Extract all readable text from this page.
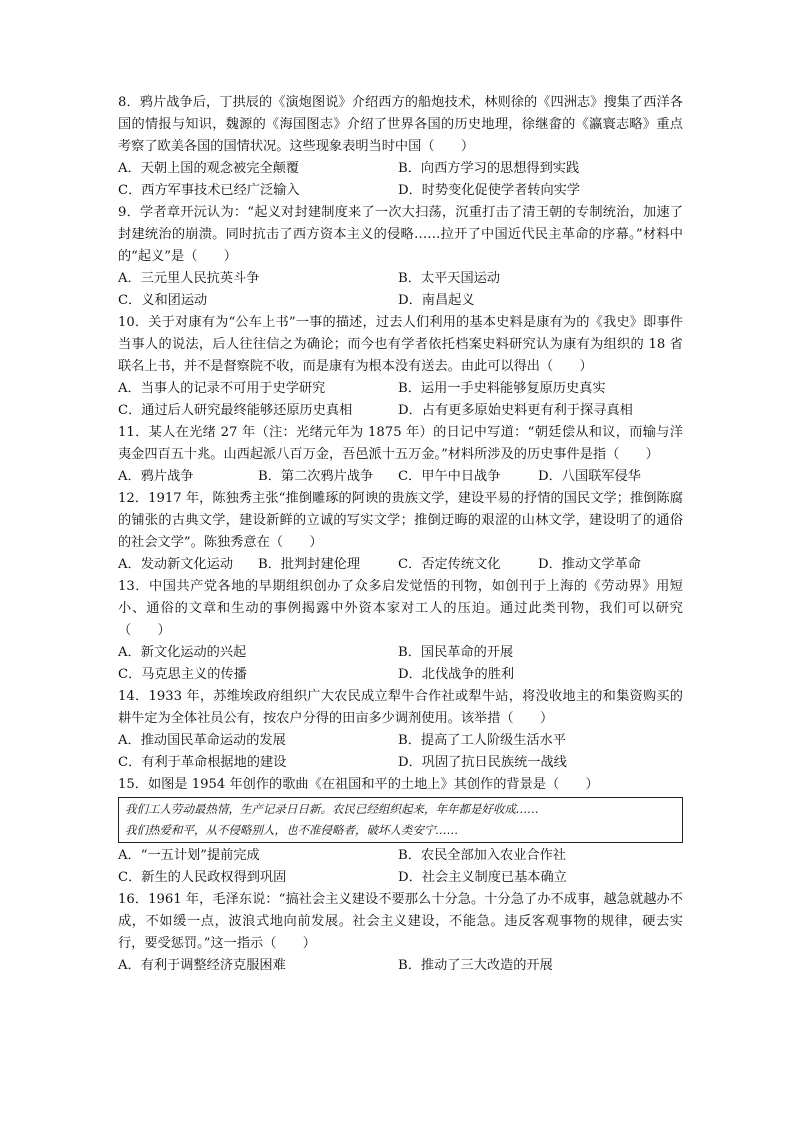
8．鸦片战争后，丁拱辰的《演炮图说》介绍西方的船炮技术，林则徐的《四洲志》搜集了西洋各国的情报与知识，魏源的《海国图志》介绍了世界各国的历史地理，徐继畲的《瀛寰志略》重点考察了欧美各国的国情状况。这些现象表明当时中国（　　）

A．天朝上国的观念被完全颠覆	B．向西方学习的思想得到实践
C．西方军事技术已经广泛输入	D．时势变化促使学者转向实学

9．学者章开沅认为：“起义对封建制度来了一次大扫荡，沉重打击了清王朝的专制统治，加速了封建统治的崩溃。同时抗击了西方资本主义的侵略……拉开了中国近代民主革命的序幕。”材料中的“起义”是（　　）

A．三元里人民抗英斗争	B．太平天国运动
C．义和团运动	D．南昌起义

10．关于对康有为“公车上书”一事的描述，过去人们利用的基本史料是康有为的《我史》即事件当事人的说法，后人往往信之为确论；而今也有学者依托档案史料研究认为康有为组织的 18 省联名上书，并不是督察院不收，而是康有为根本没有送去。由此可以得出（　　）

A．当事人的记录不可用于史学研究	B．运用一手史料能够复原历史真实
C．通过后人研究最终能够还原历史真相	D．占有更多原始史料更有利于探寻真相

11．某人在光绪 27 年（注：光绪元年为 1875 年）的日记中写道：“朝廷偿从和议，而输与洋夷金四百五十兆。山西起派八百万金，吾邑派十五万金。”材料所涉及的历史事件是指（　　）

A．鸦片战争	B．第二次鸦片战争	C．甲午中日战争	D．八国联军侵华

12．1917 年，陈独秀主张“推倒雕琢的阿谀的贵族文学，建设平易的抒情的国民文学；推倒陈腐的铺张的古典文学，建设新鲜的立诚的写实文学；推倒迂晦的艰涩的山林文学，建设明了的通俗的社会文学”。陈独秀意在（　　）

A．发动新文化运动	B．批判封建伦理	C．否定传统文化	D．推动文学革命

13．中国共产党各地的早期组织创办了众多启发觉悟的刊物，如创刊于上海的《劳动界》用短小、通俗的文章和生动的事例揭露中外资本家对工人的压迫。通过此类刊物，我们可以研究（　　）

A．新文化运动的兴起	B．国民革命的开展
C．马克思主义的传播	D．北伐战争的胜利

14．1933 年，苏维埃政府组织广大农民成立犁牛合作社或犁牛站，将没收地主的和集资购买的耕牛定为全体社员公有，按农户分得的田亩多少调剂使用。该举措（　　）

A．推动国民革命运动的发展	B．提高了工人阶级生活水平
C．有利于革命根据地的建设	D．巩固了抗日民族统一战线

15．如图是 1954 年创作的歌曲《在祖国和平的土地上》其创作的背景是（　　）

我们工人劳动最热情，生产记录日日新。农民已经组织起来，年年都是好收成……
我们热爱和平，从不侵略别人，也不准侵略者，破坏人类安宁……
A．“一五计划”提前完成	B．农民全部加入农业合作社
C．新生的人民政权得到巩固	D．社会主义制度已基本确立

16．1961 年，毛泽东说：“搞社会主义建设不要那么十分急。十分急了办不成事，越急就越办不成，不如缓一点，波浪式地向前发展。社会主义建设，不能急。违反客观事物的规律，硬去实行，要受惩罚。”这一指示（　　）

A．有利于调整经济克服困难	B．推动了三大改造的开展
